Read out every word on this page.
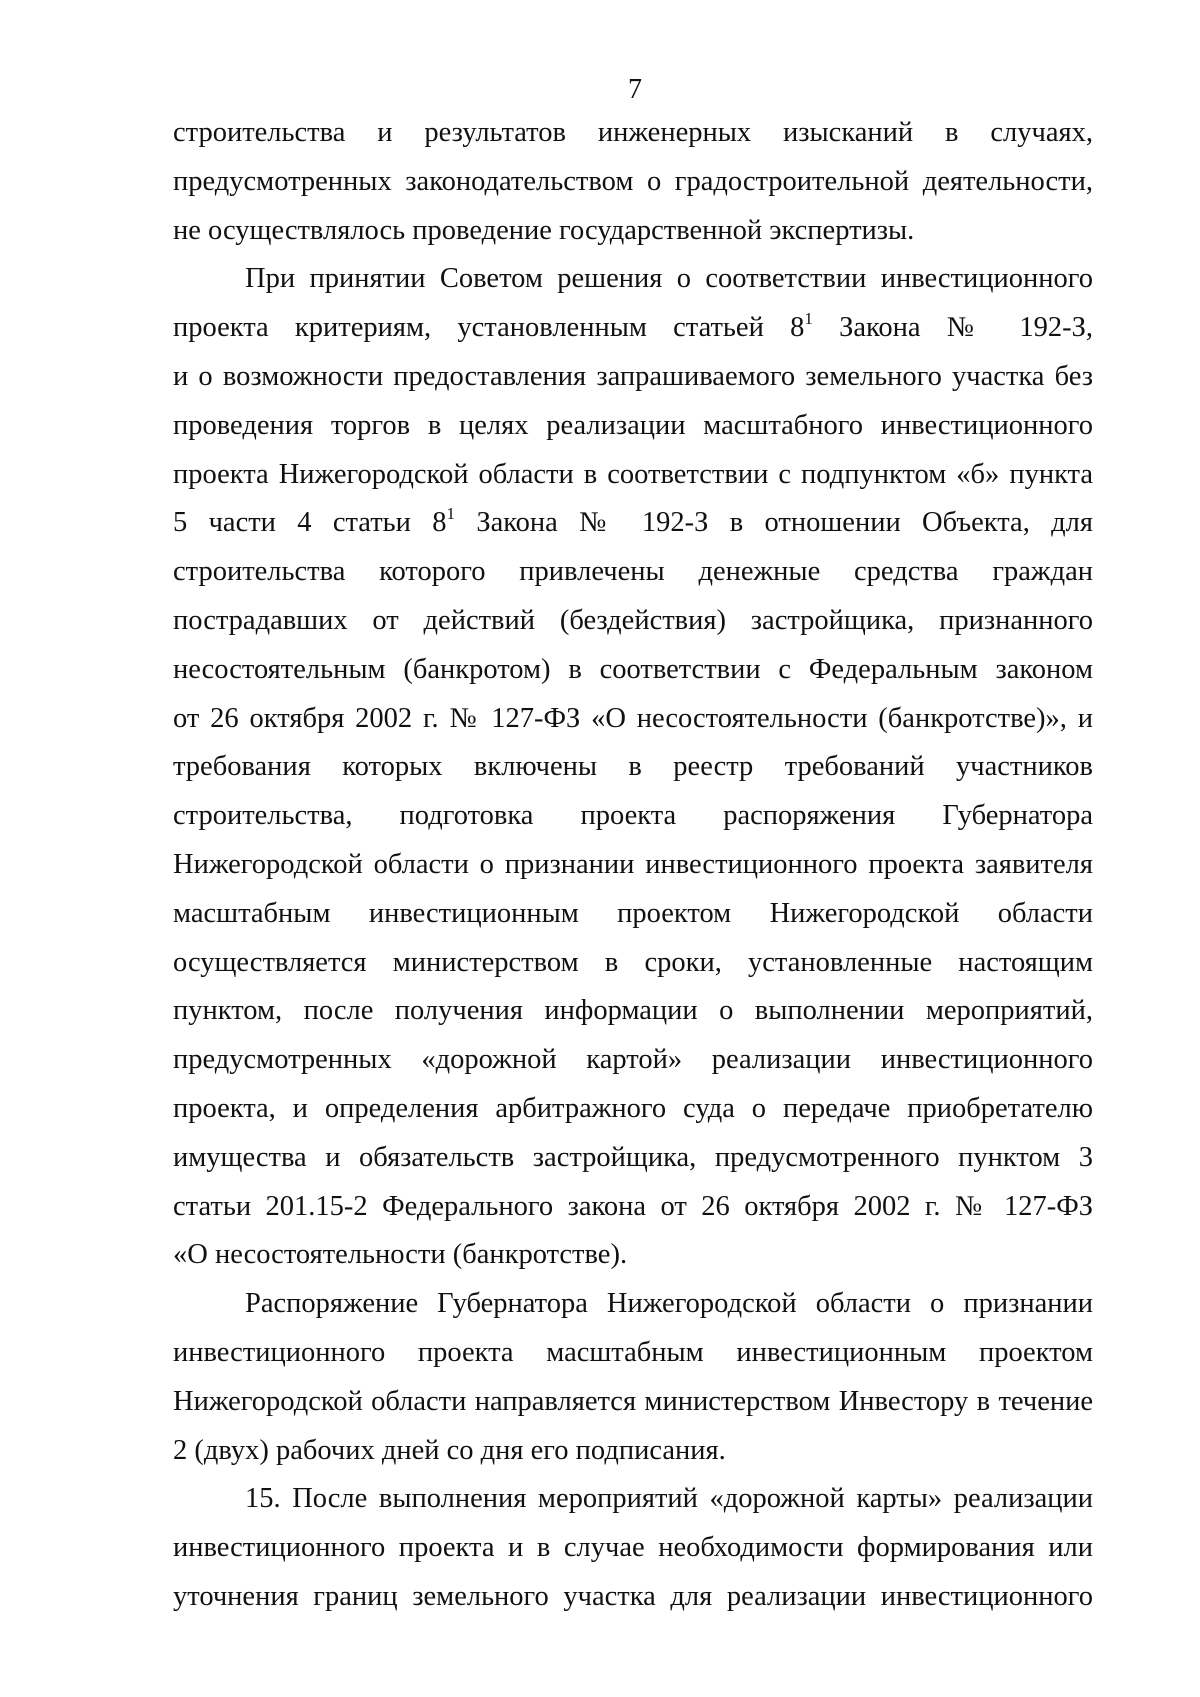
7
строительства и результатов инженерных изысканий в случаях,
предусмотренных законодательством о градостроительной деятельности,
не осуществлялось проведение государственной экспертизы.
При принятии Советом решения о соответствии инвестиционного
проекта критериям, установленным статьей $8^1$ Закона № 192-З,
и о возможности предоставления запрашиваемого земельного участка без
проведения торгов в целях реализации масштабного инвестиционного
проекта Нижегородской области в соответствии с подпунктом «б» пункта
5 части 4 статьи $8^1$ Закона № 192-З в отношении Объекта, для
строительства которого привлечены денежные средства граждан
пострадавших от действий (бездействия) застройщика, признанного
несостоятельным (банкротом) в соответствии с Федеральным законом
от 26 октября 2002 г. № 127-ФЗ «О несостоятельности (банкротстве)», и
требования которых включены в реестр требований участников
строительства, подготовка проекта распоряжения Губернатора
Нижегородской области о признании инвестиционного проекта заявителя
масштабным инвестиционным проектом Нижегородской области
осуществляется министерством в сроки, установленные настоящим
пунктом, после получения информации о выполнении мероприятий,
предусмотренных «дорожной картой» реализации инвестиционного
проекта, и определения арбитражного суда о передаче приобретателю
имущества и обязательств застройщика, предусмотренного пунктом 3
статьи 201.15-2 Федерального закона от 26 октября 2002 г. № 127-ФЗ
«О несостоятельности (банкротстве).
Распоряжение Губернатора Нижегородской области о признании
инвестиционного проекта масштабным инвестиционным проектом
Нижегородской области направляется министерством Инвестору в течение
2 (двух) рабочих дней со дня его подписания.
15. После выполнения мероприятий «дорожной карты» реализации
инвестиционного проекта и в случае необходимости формирования или
уточнения границ земельного участка для реализации инвестиционного
